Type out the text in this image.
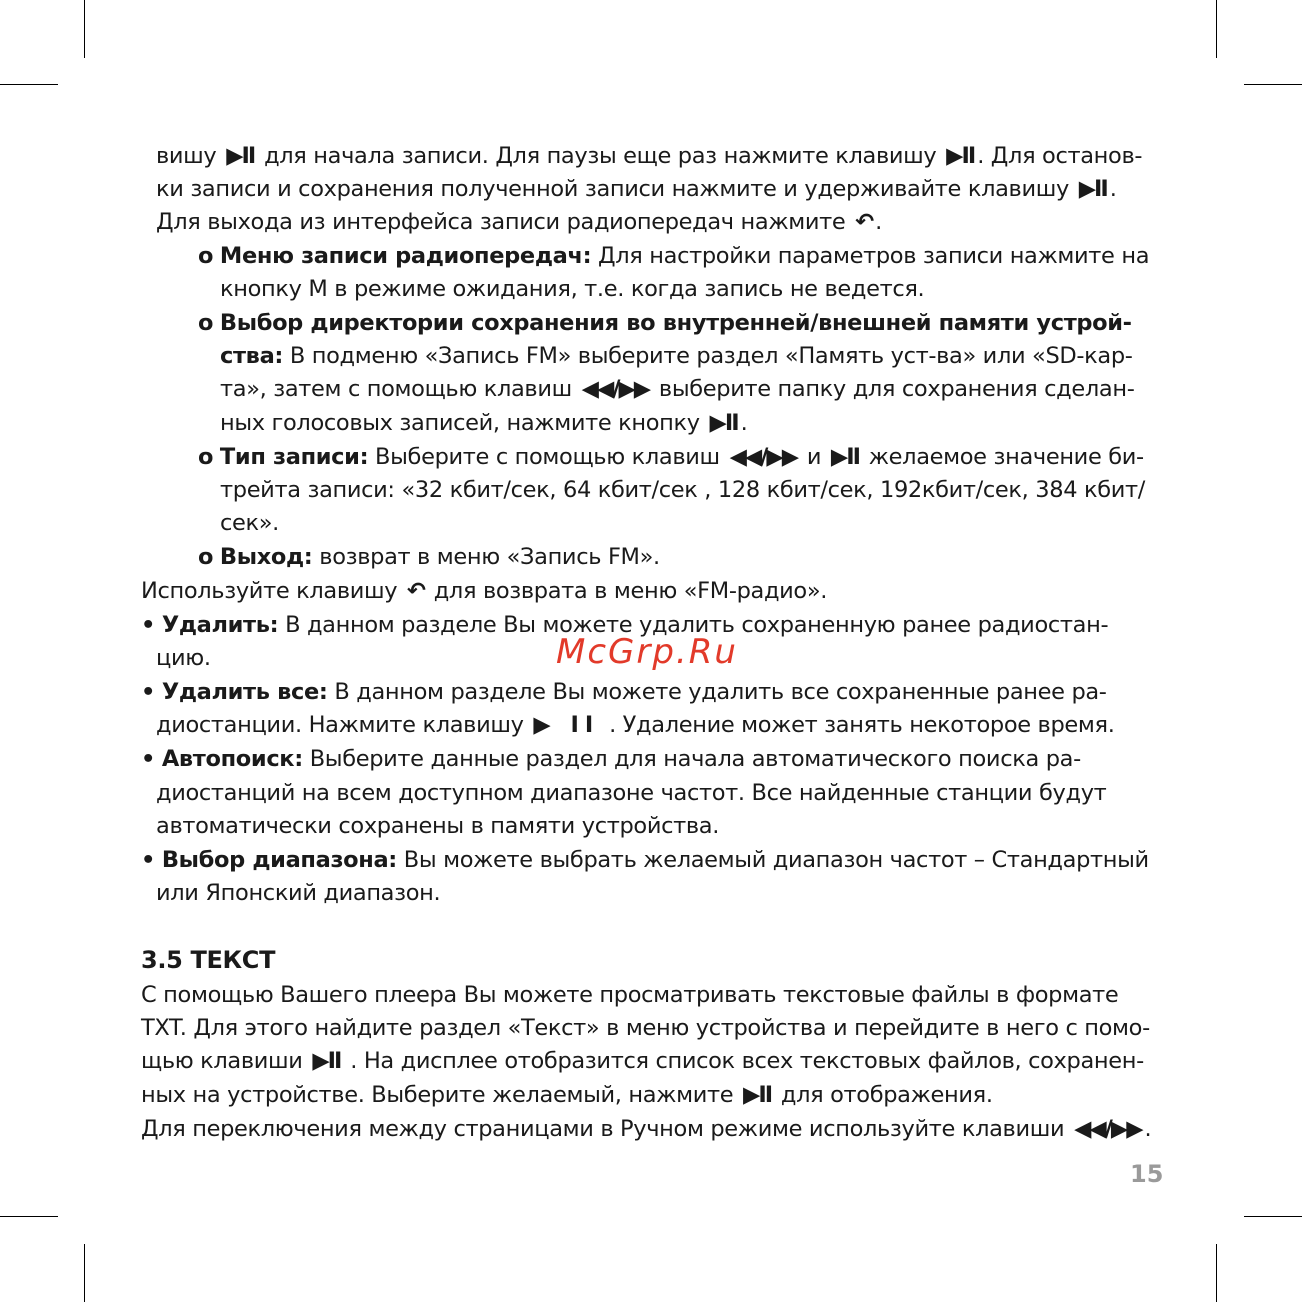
вишу ▶II для начала записи. Для паузы еще раз нажмите клавишу ▶II . Для останов-
ки записи и сохранения полученной записи нажмите и удерживайте клавишу ▶II .
Для выхода из интерфейса записи радиопередач нажмите ↶ .
o Меню записи радиопередач: Для настройки параметров записи нажмите на
кнопку M в режиме ожидания, т.е. когда запись не ведется.
o Выбор директории сохранения во внутренней/внешней памяти устрой-
ства: В подменю «Запись FM» выберите раздел «Память уст-ва» или «SD-кар-
та», затем с помощью клавиш ◀◀/▶▶ выберите папку для сохранения сделан-
ных голосовых записей, нажмите кнопку ▶II .
o Тип записи: Выберите с помощью клавиш ◀◀/▶▶ и ▶II желаемое значение би-
трейта записи: «32 кбит/сек, 64 кбит/сек , 128 кбит/сек, 192кбит/сек, 384 кбит/
сек».
o Выход: возврат в меню «Запись FM».
Используйте клавишу ↶ для возврата в меню «FM-радио».
• Удалить: В данном разделе Вы можете удалить сохраненную ранее радиостан-
цию.
• Удалить все: В данном разделе Вы можете удалить все сохраненные ранее ра-
диостанции. Нажмите клавишу ▶ II . Удаление может занять некоторое время.
• Автопоиск: Выберите данные раздел для начала автоматического поиска ра-
диостанций на всем доступном диапазоне частот. Все найденные станции будут
автоматически сохранены в памяти устройства.
• Выбор диапазона: Вы можете выбрать желаемый диапазон частот – Стандартный
или Японский диапазон.
3.5 ТЕКСТ
С помощью Вашего плеера Вы можете просматривать текстовые файлы в формате
TXT. Для этого найдите раздел «Текст» в меню устройства и перейдите в него с помо-
щью клавиши ▶II . На дисплее отобразится список всех текстовых файлов, сохранен-
ных на устройстве. Выберите желаемый, нажмите ▶II для отображения.
Для переключения между страницами в Ручном режиме используйте клавиши ◀◀/▶▶ .
McGrp.Ru
15
